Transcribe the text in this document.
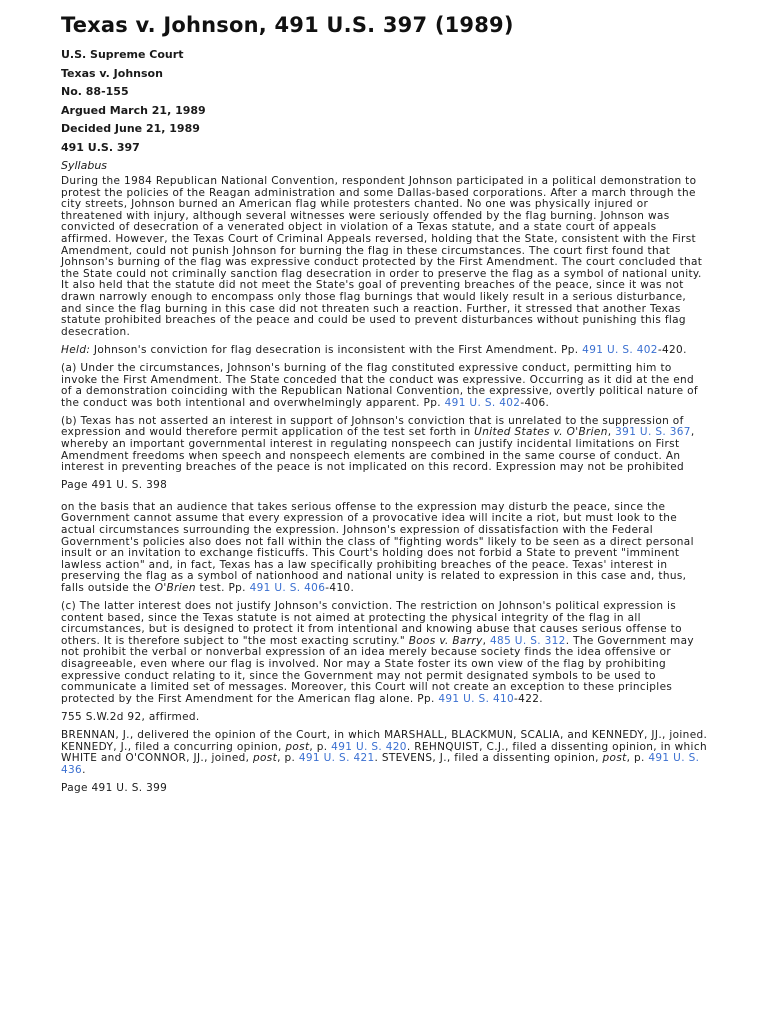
Texas v. Johnson, 491 U.S. 397 (1989)

U.S. Supreme Court

Texas v. Johnson

No. 88-155

Argued March 21, 1989

Decided June 21, 1989

491 U.S. 397

Syllabus

During the 1984 Republican National Convention, respondent Johnson participated in a political demonstration to protest the policies of the Reagan administration and some Dallas-based corporations. After a march through the city streets, Johnson burned an American flag while protesters chanted. No one was physically injured or threatened with injury, although several witnesses were seriously offended by the flag burning. Johnson was convicted of desecration of a venerated object in violation of a Texas statute, and a state court of appeals affirmed. However, the Texas Court of Criminal Appeals reversed, holding that the State, consistent with the First Amendment, could not punish Johnson for burning the flag in these circumstances. The court first found that Johnson's burning of the flag was expressive conduct protected by the First Amendment. The court concluded that the State could not criminally sanction flag desecration in order to preserve the flag as a symbol of national unity. It also held that the statute did not meet the State's goal of preventing breaches of the peace, since it was not drawn narrowly enough to encompass only those flag burnings that would likely result in a serious disturbance, and since the flag burning in this case did not threaten such a reaction. Further, it stressed that another Texas statute prohibited breaches of the peace and could be used to prevent disturbances without punishing this flag desecration.

Held: Johnson's conviction for flag desecration is inconsistent with the First Amendment. Pp. 491 U. S. 402-420.

(a) Under the circumstances, Johnson's burning of the flag constituted expressive conduct, permitting him to invoke the First Amendment. The State conceded that the conduct was expressive. Occurring as it did at the end of a demonstration coinciding with the Republican National Convention, the expressive, overtly political nature of the conduct was both intentional and overwhelmingly apparent. Pp. 491 U. S. 402-406.

(b) Texas has not asserted an interest in support of Johnson's conviction that is unrelated to the suppression of expression and would therefore permit application of the test set forth in United States v. O'Brien, 391 U. S. 367, whereby an important governmental interest in regulating nonspeech can justify incidental limitations on First Amendment freedoms when speech and nonspeech elements are combined in the same course of conduct. An interest in preventing breaches of the peace is not implicated on this record. Expression may not be prohibited

Page 491 U. S. 398

on the basis that an audience that takes serious offense to the expression may disturb the peace, since the Government cannot assume that every expression of a provocative idea will incite a riot, but must look to the actual circumstances surrounding the expression. Johnson's expression of dissatisfaction with the Federal Government's policies also does not fall within the class of "fighting words" likely to be seen as a direct personal insult or an invitation to exchange fisticuffs. This Court's holding does not forbid a State to prevent "imminent lawless action" and, in fact, Texas has a law specifically prohibiting breaches of the peace. Texas' interest in preserving the flag as a symbol of nationhood and national unity is related to expression in this case and, thus, falls outside the O'Brien test. Pp. 491 U. S. 406-410.

(c) The latter interest does not justify Johnson's conviction. The restriction on Johnson's political expression is content based, since the Texas statute is not aimed at protecting the physical integrity of the flag in all circumstances, but is designed to protect it from intentional and knowing abuse that causes serious offense to others. It is therefore subject to "the most exacting scrutiny." Boos v. Barry, 485 U. S. 312. The Government may not prohibit the verbal or nonverbal expression of an idea merely because society finds the idea offensive or disagreeable, even where our flag is involved. Nor may a State foster its own view of the flag by prohibiting expressive conduct relating to it, since the Government may not permit designated symbols to be used to communicate a limited set of messages. Moreover, this Court will not create an exception to these principles protected by the First Amendment for the American flag alone. Pp. 491 U. S. 410-422.

755 S.W.2d 92, affirmed.

BRENNAN, J., delivered the opinion of the Court, in which MARSHALL, BLACKMUN, SCALIA, and KENNEDY, JJ., joined. KENNEDY, J., filed a concurring opinion, post, p. 491 U. S. 420. REHNQUIST, C.J., filed a dissenting opinion, in which WHITE and O'CONNOR, JJ., joined, post, p. 491 U. S. 421. STEVENS, J., filed a dissenting opinion, post, p. 491 U. S. 436.

Page 491 U. S. 399
